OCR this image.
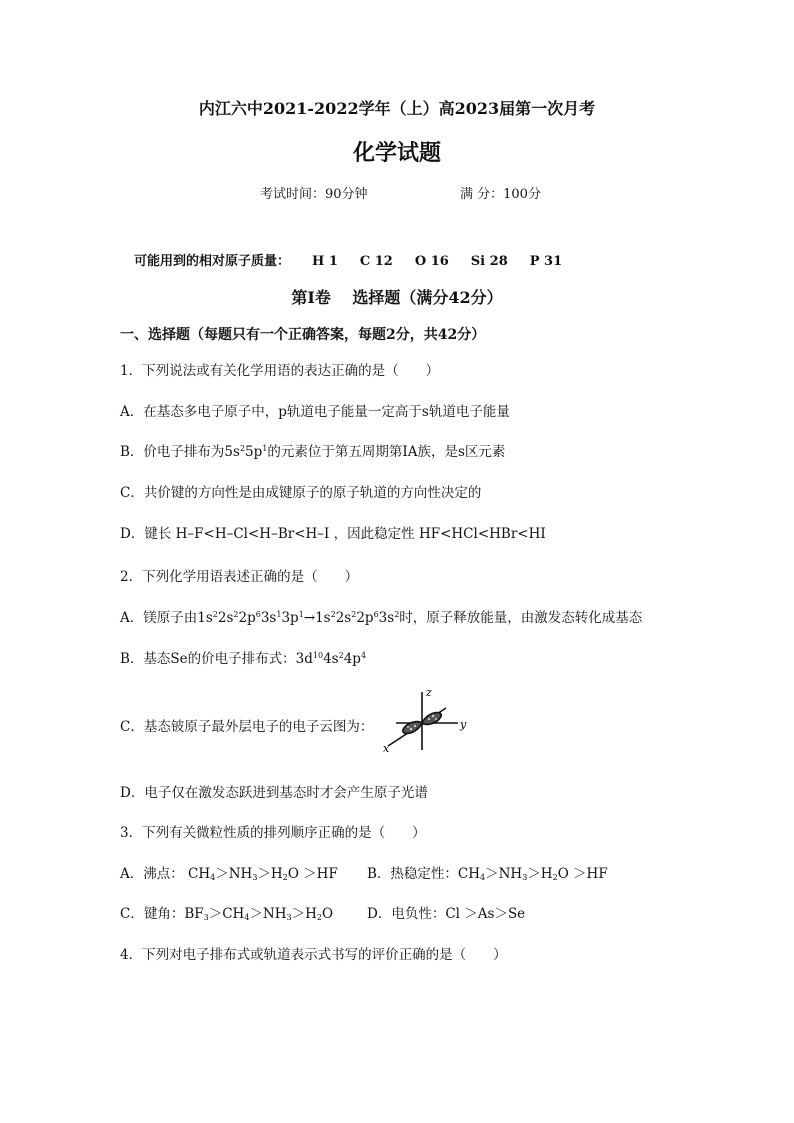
内江六中2021-2022学年（上）高2023届第一次月考
化学试题
考试时间：90分钟	满 分：100分
可能用到的相对原子质量： H 1 C 12 O 16 Si 28 P 31
第Ⅰ卷　 选择题（满分42分）
一、选择题（每题只有一个正确答案，每题2分，共42分）
1．下列说法或有关化学用语的表达正确的是（　　）
A．在基态多电子原子中，p轨道电子能量一定高于s轨道电子能量
B．价电子排布为$5s^25p^1$的元素位于第五周期第ⅠA族，是s区元素
C．共价键的方向性是由成键原子的原子轨道的方向性决定的
D．键长 H–F<H–Cl<H–Br<H–I ，因此稳定性 HF<HCl<HBr<HI
2．下列化学用语表述正确的是（　　）
A．镁原子由$1s^22s^22p^63s^13p^1\to 1s^22s^22p^63s^2$时，原子释放能量，由激发态转化成基态
B．基态Se的价电子排布式：$3d^{10}4s^24p^4$
C．基态铍原子最外层电子的电子云图为：
z
y
x
D．电子仅在激发态跃进到基态时才会产生原子光谱
3．下列有关微粒性质的排列顺序正确的是（　　）
A．沸点： $CH_4>NH_3>H_2O >HF$ B．热稳定性：$CH_4>NH_3>H_2O >HF$
C．键角：$BF_3>CH_4>NH_3>H_2O$	D．电负性：Cl ＞As＞Se
4．下列对电子排布式或轨道表示式书写的评价正确的是（　　）
